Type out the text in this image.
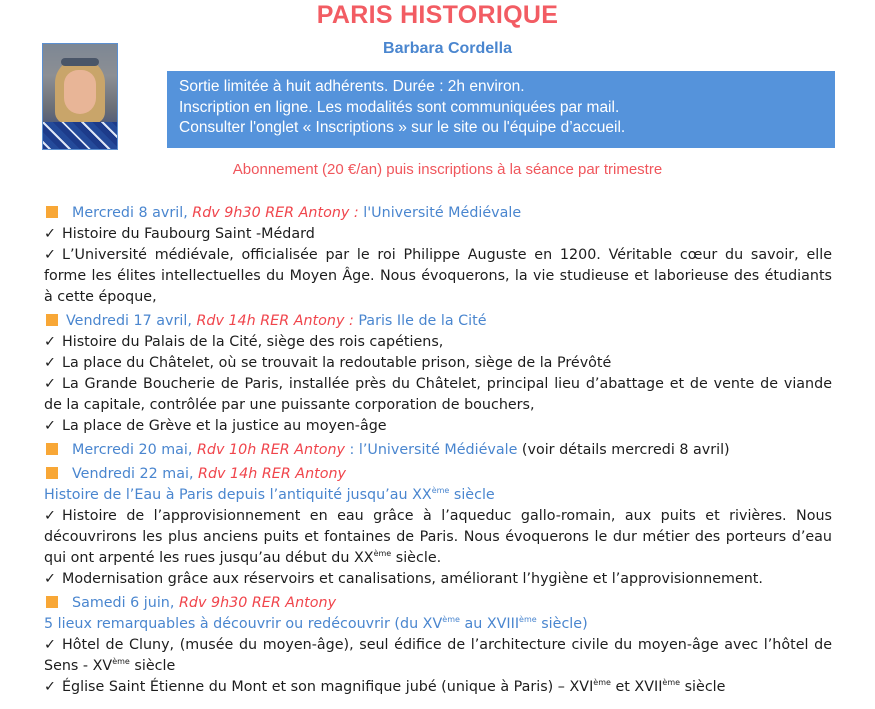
PARIS HISTORIQUE
Barbara Cordella
Sortie limitée à huit adhérents. Durée : 2h environ.
Inscription en ligne. Les modalités sont communiquées par mail.
Consulter l'onglet « Inscriptions » sur le site ou l'équipe d’accueil.
Abonnement (20 €/an) puis inscriptions à la séance par trimestre
Mercredi 8 avril, Rdv 9h30 RER Antony : l'Université Médiévale
✓ Histoire du Faubourg Saint -Médard
✓ L’Université médiévale, officialisée par le roi Philippe Auguste en 1200. Véritable cœur du savoir, elle forme les élites intellectuelles du Moyen Âge. Nous évoquerons, la vie studieuse et laborieuse des étudiants à cette époque,
Vendredi 17 avril, Rdv 14h RER Antony : Paris Ile de la Cité
✓ Histoire du Palais de la Cité, siège des rois capétiens,
✓ La place du Châtelet, où se trouvait la redoutable prison, siège de la Prévôté
✓ La Grande Boucherie de Paris, installée près du Châtelet, principal lieu d’abattage et de vente de viande de la capitale, contrôlée par une puissante corporation de bouchers,
✓ La place de Grève et la justice au moyen-âge
Mercredi 20 mai, Rdv 10h RER Antony : l’Université Médiévale (voir détails mercredi 8 avril)
Vendredi 22 mai, Rdv 14h RER Antony
Histoire de l’Eau à Paris depuis l’antiquité jusqu’au XXème siècle
✓ Histoire de l’approvisionnement en eau grâce à l’aqueduc gallo-romain, aux puits et rivières. Nous découvrirons les plus anciens puits et fontaines de Paris. Nous évoquerons le dur métier des porteurs d’eau qui ont arpenté les rues jusqu’au début du XXème siècle.
✓ Modernisation grâce aux réservoirs et canalisations, améliorant l’hygiène et l’approvisionnement.
Samedi 6 juin, Rdv 9h30 RER Antony
5 lieux remarquables à découvrir ou redécouvrir (du XVème au XVIIIème siècle)
✓ Hôtel de Cluny, (musée du moyen-âge), seul édifice de l’architecture civile du moyen-âge avec l’hôtel de Sens - XVème siècle
✓ Église Saint Étienne du Mont et son magnifique jubé (unique à Paris) – XVIème et XVIIème siècle
